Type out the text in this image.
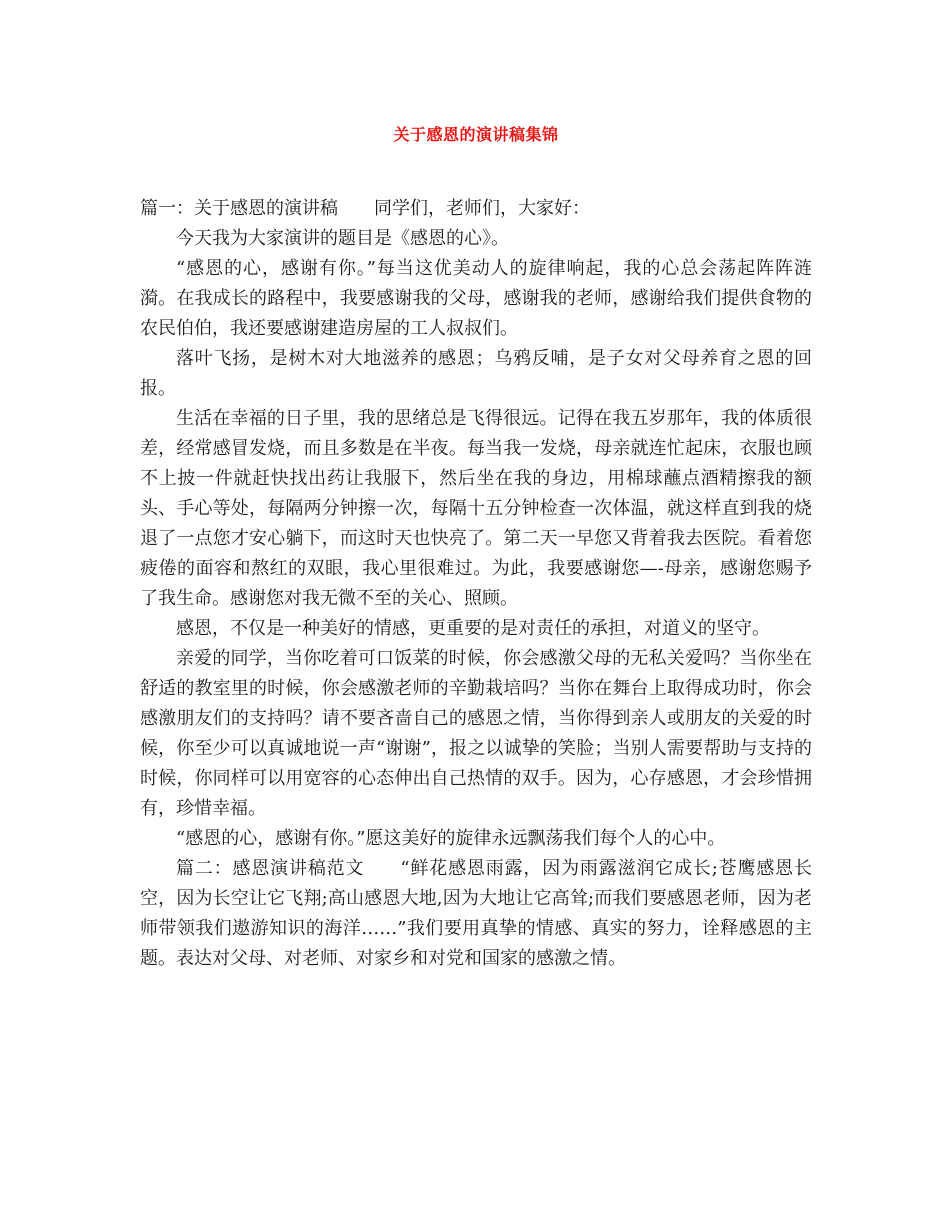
关于感恩的演讲稿集锦

篇一：关于感恩的演讲稿 同学们，老师们，大家好：

今天我为大家演讲的题目是《感恩的心》。

“感恩的心，感谢有你。”每当这优美动人的旋律响起，我的心总会荡起阵阵涟漪。在我成长的路程中，我要感谢我的父母，感谢我的老师，感谢给我们提供食物的农民伯伯，我还要感谢建造房屋的工人叔叔们。

落叶飞扬，是树木对大地滋养的感恩；乌鸦反哺，是子女对父母养育之恩的回报。

生活在幸福的日子里，我的思绪总是飞得很远。记得在我五岁那年，我的体质很差，经常感冒发烧，而且多数是在半夜。每当我一发烧，母亲就连忙起床，衣服也顾不上披一件就赶快找出药让我服下，然后坐在我的身边，用棉球蘸点酒精擦我的额头、手心等处，每隔两分钟擦一次，每隔十五分钟检查一次体温，就这样直到我的烧退了一点您才安心躺下，而这时天也快亮了。第二天一早您又背着我去医院。看着您疲倦的面容和熬红的双眼，我心里很难过。为此，我要感谢您—-母亲，感谢您赐予了我生命。感谢您对我无微不至的关心、照顾。

感恩，不仅是一种美好的情感，更重要的是对责任的承担，对道义的坚守。

亲爱的同学，当你吃着可口饭菜的时候，你会感激父母的无私关爱吗？当你坐在舒适的教室里的时候，你会感激老师的辛勤栽培吗？当你在舞台上取得成功时，你会感激朋友们的支持吗？请不要吝啬自己的感恩之情，当你得到亲人或朋友的关爱的时候，你至少可以真诚地说一声“谢谢”，报之以诚挚的笑脸；当别人需要帮助与支持的时候，你同样可以用宽容的心态伸出自己热情的双手。因为，心存感恩，才会珍惜拥有，珍惜幸福。

“感恩的心，感谢有你。”愿这美好的旋律永远飘荡我们每个人的心中。

篇二：感恩演讲稿范文 “鲜花感恩雨露，因为雨露滋润它成长;苍鹰感恩长空，因为长空让它飞翔;高山感恩大地,因为大地让它高耸;而我们要感恩老师，因为老师带领我们遨游知识的海洋……”我们要用真挚的情感、真实的努力，诠释感恩的主题。表达对父母、对老师、对家乡和对党和国家的感激之情。
